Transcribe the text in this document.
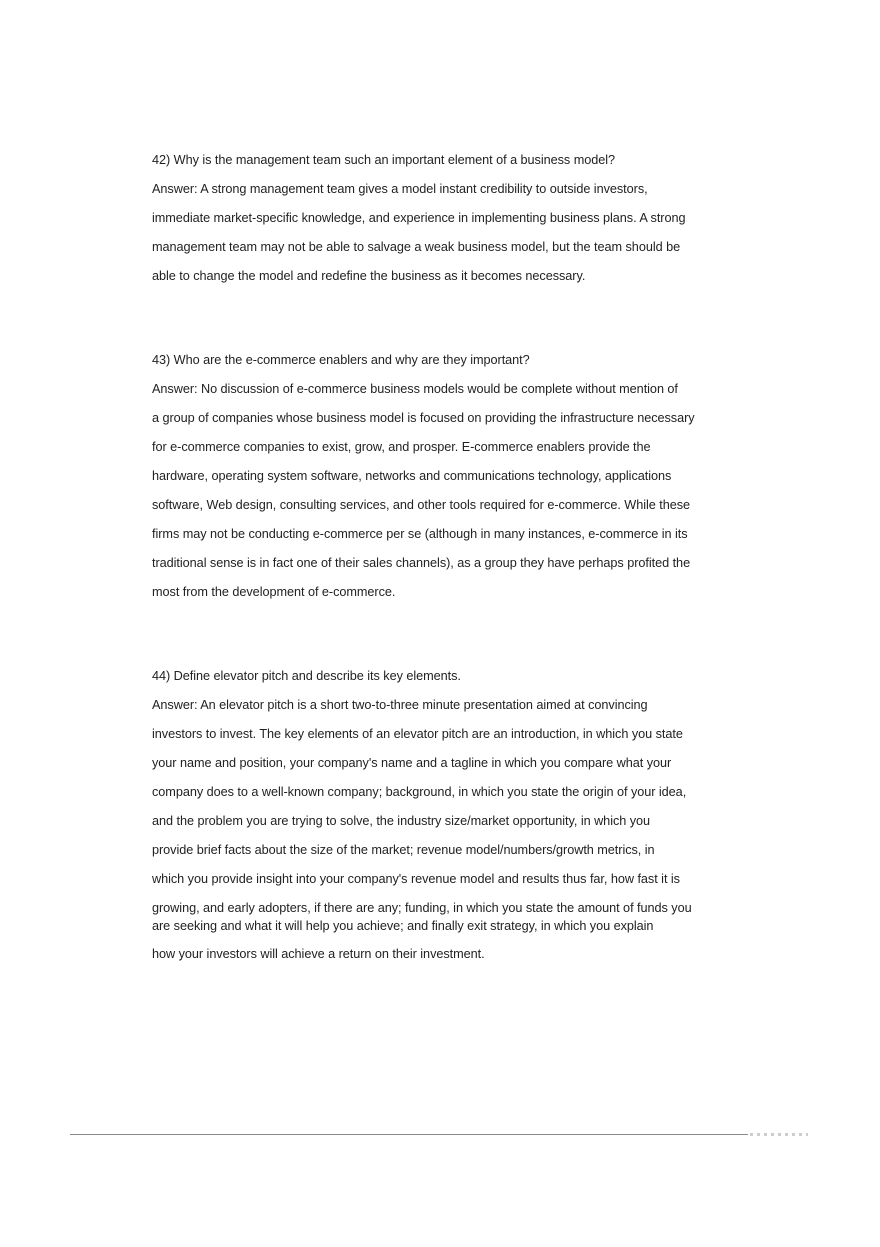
42) Why is the management team such an important element of a business model?
Answer: A strong management team gives a model instant credibility to outside investors,
immediate market-specific knowledge, and experience in implementing business plans. A strong
management team may not be able to salvage a weak business model, but the team should be
able to change the model and redefine the business as it becomes necessary.
43) Who are the e-commerce enablers and why are they important?
Answer: No discussion of e-commerce business models would be complete without mention of
a group of companies whose business model is focused on providing the infrastructure necessary
for e-commerce companies to exist, grow, and prosper. E-commerce enablers provide the
hardware, operating system software, networks and communications technology, applications
software, Web design, consulting services, and other tools required for e-commerce. While these
firms may not be conducting e-commerce per se (although in many instances, e-commerce in its
traditional sense is in fact one of their sales channels), as a group they have perhaps profited the
most from the development of e-commerce.
44) Define elevator pitch and describe its key elements.
Answer: An elevator pitch is a short two-to-three minute presentation aimed at convincing
investors to invest. The key elements of an elevator pitch are an introduction, in which you state
your name and position, your company's name and a tagline in which you compare what your
company does to a well-known company; background, in which you state the origin of your idea,
and the problem you are trying to solve, the industry size/market opportunity, in which you
provide brief facts about the size of the market; revenue model/numbers/growth metrics, in
which you provide insight into your company's revenue model and results thus far, how fast it is
growing, and early adopters, if there are any; funding, in which you state the amount of funds you
are seeking and what it will help you achieve; and finally exit strategy, in which you explain
how your investors will achieve a return on their investment.
